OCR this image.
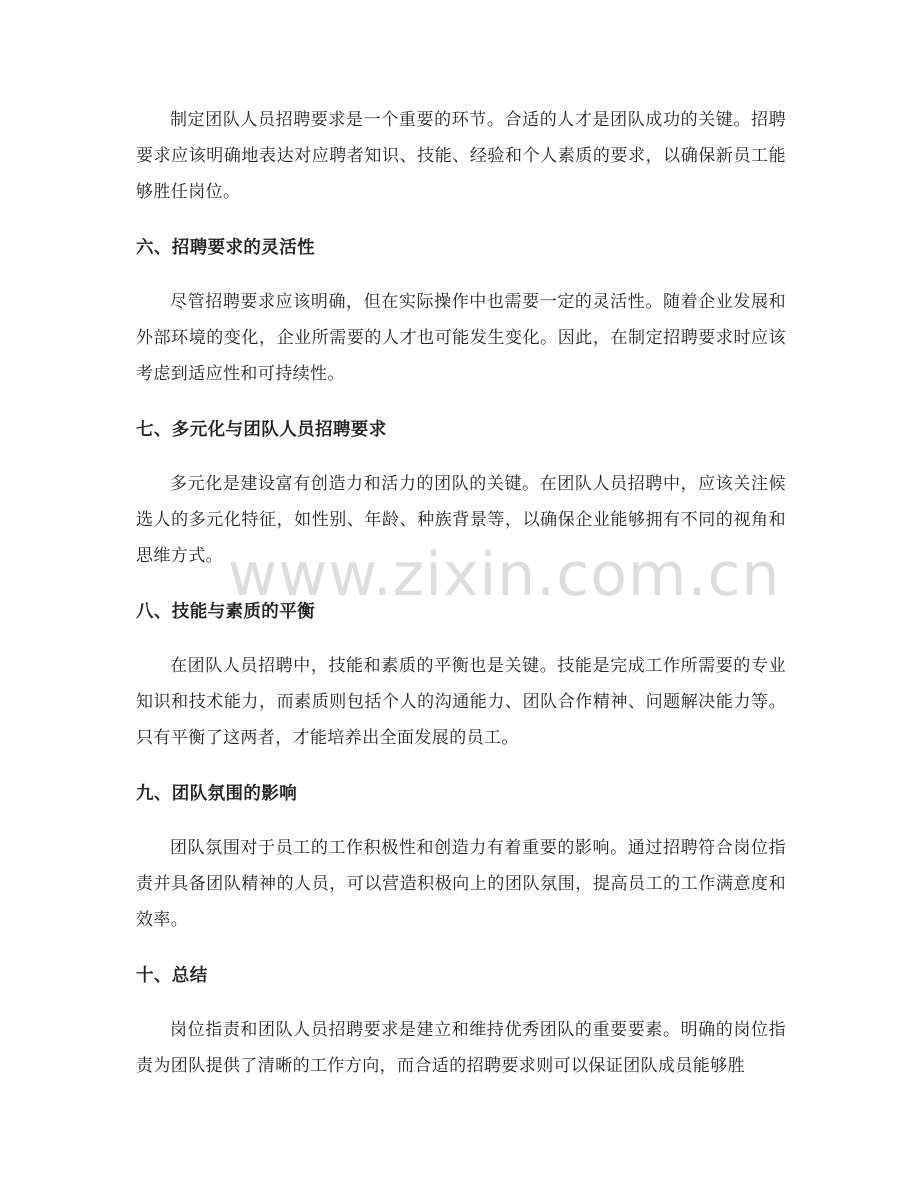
制定团队人员招聘要求是一个重要的环节。合适的人才是团队成功的关键。招聘要求应该明确地表达对应聘者知识、技能、经验和个人素质的要求，以确保新员工能够胜任岗位。

六、招聘要求的灵活性

尽管招聘要求应该明确，但在实际操作中也需要一定的灵活性。随着企业发展和外部环境的变化，企业所需要的人才也可能发生变化。因此，在制定招聘要求时应该考虑到适应性和可持续性。

七、多元化与团队人员招聘要求

多元化是建设富有创造力和活力的团队的关键。在团队人员招聘中，应该关注候选人的多元化特征，如性别、年龄、种族背景等，以确保企业能够拥有不同的视角和思维方式。

八、技能与素质的平衡

在团队人员招聘中，技能和素质的平衡也是关键。技能是完成工作所需要的专业知识和技术能力，而素质则包括个人的沟通能力、团队合作精神、问题解决能力等。只有平衡了这两者，才能培养出全面发展的员工。

九、团队氛围的影响

团队氛围对于员工的工作积极性和创造力有着重要的影响。通过招聘符合岗位指责并具备团队精神的人员，可以营造积极向上的团队氛围，提高员工的工作满意度和效率。

十、总结

岗位指责和团队人员招聘要求是建立和维持优秀团队的重要要素。明确的岗位指责为团队提供了清晰的工作方向，而合适的招聘要求则可以保证团队成员能够胜

www.zixin.com.cn
